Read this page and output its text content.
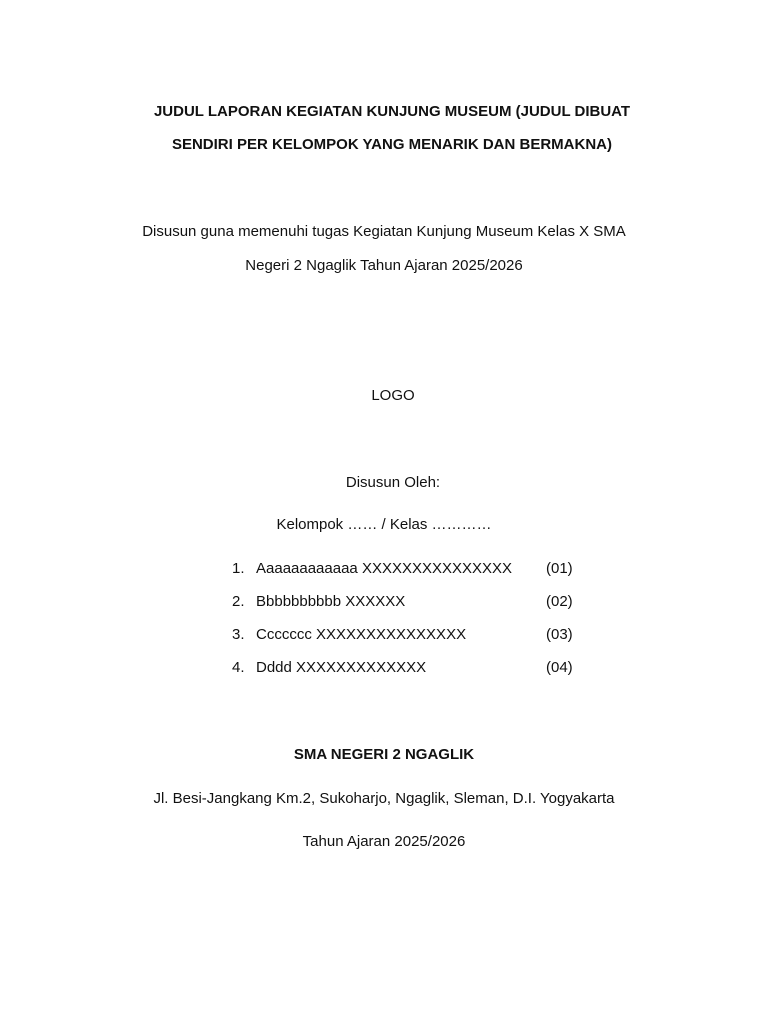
JUDUL LAPORAN KEGIATAN KUNJUNG MUSEUM (JUDUL DIBUAT
SENDIRI PER KELOMPOK YANG MENARIK DAN BERMAKNA)
Disusun guna memenuhi tugas Kegiatan Kunjung Museum Kelas X SMA
Negeri 2 Ngaglik Tahun Ajaran 2025/2026
LOGO
Disusun Oleh:
Kelompok …… / Kelas …………
1. Aaaaaaaaaaaa XXXXXXXXXXXXXXX (01)
2. Bbbbbbbbbb XXXXXX	(02)
3. Ccccccc XXXXXXXXXXXXXXX	(03)
4. Dddd XXXXXXXXXXXXX	(04)
SMA NEGERI 2 NGAGLIK
Jl. Besi-Jangkang Km.2, Sukoharjo, Ngaglik, Sleman, D.I. Yogyakarta
Tahun Ajaran 2025/2026
